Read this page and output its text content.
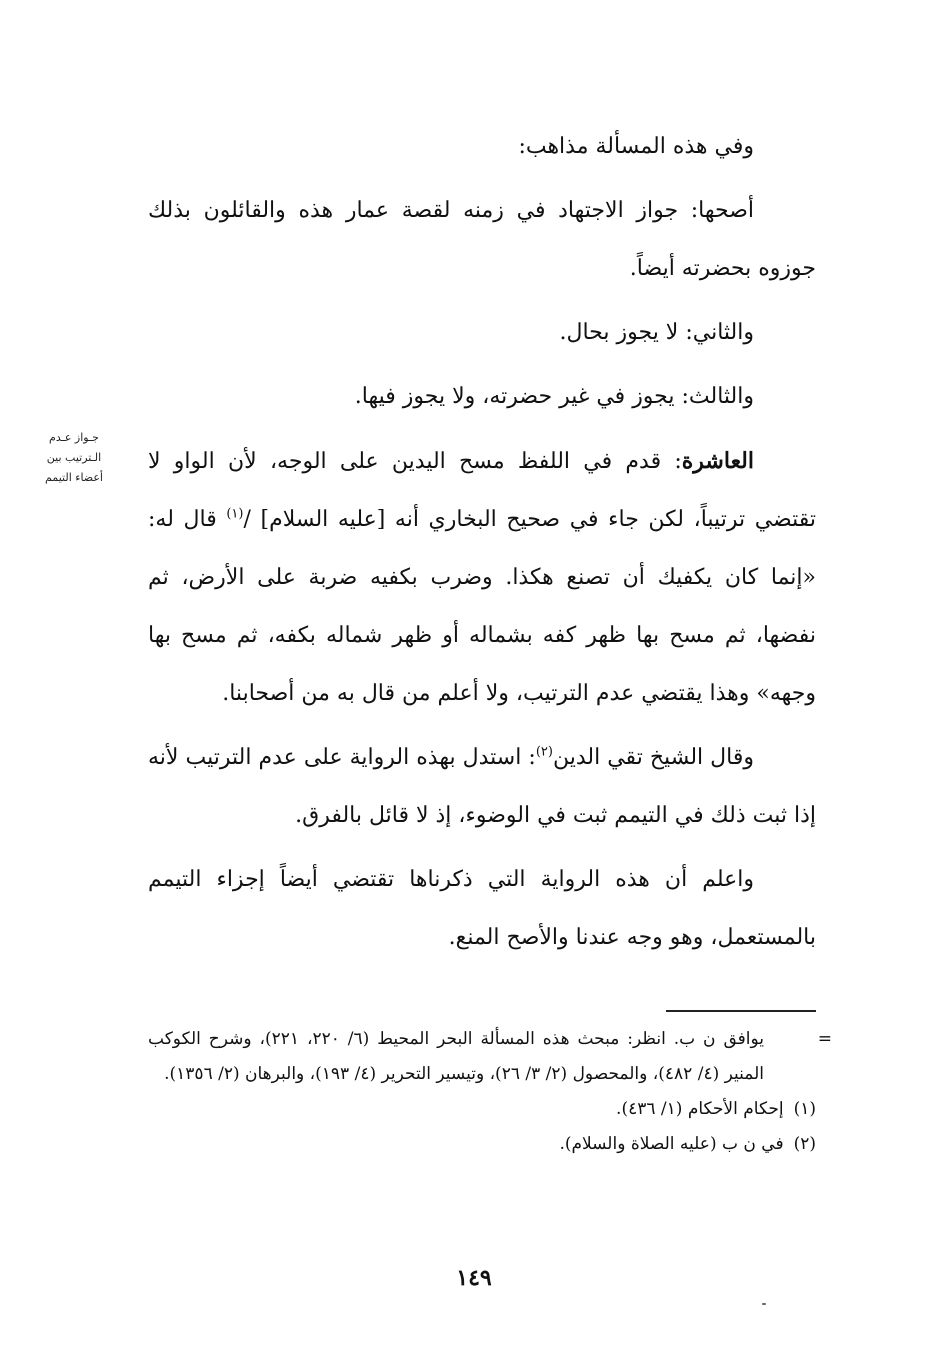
وفي هذه المسألة مذاهب:

أصحها: جواز الاجتهاد في زمنه لقصة عمار هذه والقائلون بذلك جوزوه بحضرته أيضاً.

والثاني: لا يجوز بحال.

والثالث: يجوز في غير حضرته، ولا يجوز فيها.

العاشرة: قدم في اللفظ مسح اليدين على الوجه، لأن الواو لا تقتضي ترتيباً، لكن جاء في صحيح البخاري أنه [عليه السلام] /$^{(١)}$ قال له: «إنما كان يكفيك أن تصنع هكذا. وضرب بكفيه ضربة على الأرض، ثم نفضها، ثم مسح بها ظهر كفه بشماله أو ظهر شماله بكفه، ثم مسح بها وجهه» وهذا يقتضي عدم الترتيب، ولا أعلم من قال به من أصحابنا.

وقال الشيخ تقي الدين$^{(٢)}$: استدل بهذه الرواية على عدم الترتيب لأنه إذا ثبت ذلك في التيمم ثبت في الوضوء، إذ لا قائل بالفرق.

واعلم أن هذه الرواية التي ذكرناها تقتضي أيضاً إجزاء التيمم بالمستعمل، وهو وجه عندنا والأصح المنع.

جـواز عـدم
الـترتيب بين
أعضاء التيمم
=
يوافق ن ب. انظر: مبحث هذه المسألة البحر المحيط (٦/ ٢٢٠، ٢٢١)، وشرح الكوكب المنير (٤/ ٤٨٢)، والمحصول (٢/ ٣/ ٢٦)، وتيسير التحرير (٤/ ١٩٣)، والبرهان (٢/ ١٣٥٦).
(١)إحكام الأحكام (١/ ٤٣٦).
(٢)في ن ب (عليه الصلاة والسلام).
١٤٩
